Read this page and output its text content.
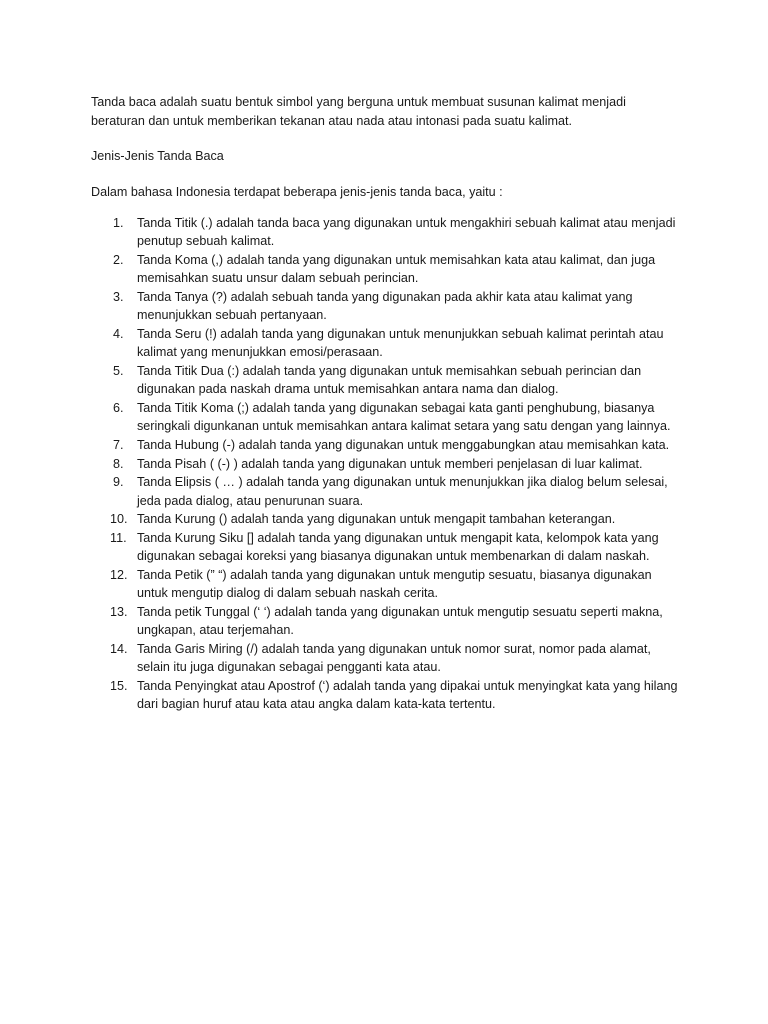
Tanda baca adalah suatu bentuk simbol yang berguna untuk membuat susunan kalimat menjadi beraturan dan untuk memberikan tekanan atau nada atau intonasi pada suatu kalimat.

Jenis-Jenis Tanda Baca

Dalam bahasa Indonesia terdapat beberapa jenis-jenis tanda baca, yaitu :

1.	Tanda Titik (.) adalah tanda baca yang digunakan untuk mengakhiri sebuah kalimat atau menjadi penutup sebuah kalimat.
2.	Tanda Koma (,) adalah tanda yang digunakan untuk memisahkan kata atau kalimat, dan juga memisahkan suatu unsur dalam sebuah perincian.
3.	Tanda Tanya (?) adalah sebuah tanda yang digunakan pada akhir kata atau kalimat yang menunjukkan sebuah pertanyaan.
4.	Tanda Seru (!) adalah tanda yang digunakan untuk menunjukkan sebuah kalimat perintah atau kalimat yang menunjukkan emosi/perasaan.
5.	Tanda Titik Dua (:) adalah tanda yang digunakan untuk memisahkan sebuah perincian dan digunakan pada naskah drama untuk memisahkan antara nama dan dialog.
6.	Tanda Titik Koma (;) adalah tanda yang digunakan sebagai kata ganti penghubung, biasanya seringkali digunkanan untuk memisahkan antara kalimat setara yang satu dengan yang lainnya.
7.	Tanda Hubung (-) adalah tanda yang digunakan untuk menggabungkan atau memisahkan kata.
8.	Tanda Pisah ( (-) ) adalah tanda yang digunakan untuk memberi penjelasan di luar kalimat.
9.	Tanda Elipsis ( … ) adalah tanda yang digunakan untuk menunjukkan jika dialog belum selesai, jeda pada dialog, atau penurunan suara.
10. Tanda Kurung () adalah tanda yang digunakan untuk mengapit tambahan keterangan.
11. Tanda Kurung Siku [] adalah tanda yang digunakan untuk mengapit kata, kelompok kata yang digunakan sebagai koreksi yang biasanya digunakan untuk membenarkan di dalam naskah.
12. Tanda Petik (” “) adalah tanda yang digunakan untuk mengutip sesuatu, biasanya digunakan untuk mengutip dialog di dalam sebuah naskah cerita.
13. Tanda petik Tunggal (‘ ‘) adalah tanda yang digunakan untuk mengutip sesuatu seperti makna, ungkapan, atau terjemahan.
14. Tanda Garis Miring (/) adalah tanda yang digunakan untuk nomor surat, nomor pada alamat, selain itu juga digunakan sebagai pengganti kata atau.
15. Tanda Penyingkat atau Apostrof (‘) adalah tanda yang dipakai untuk menyingkat kata yang hilang dari bagian huruf atau kata atau angka dalam kata-kata tertentu.
